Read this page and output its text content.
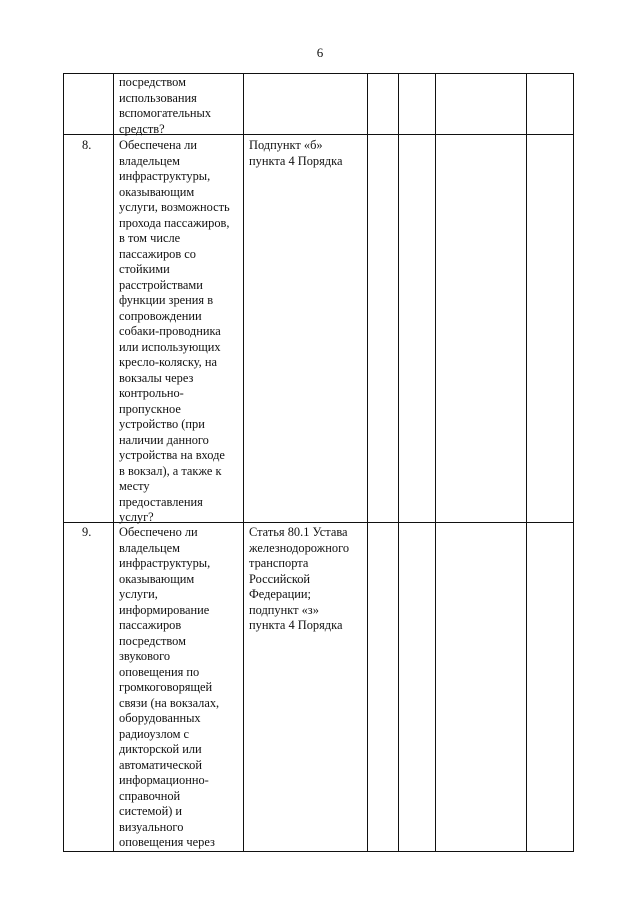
6
посредством
использования
вспомогательных
средств?
8. Обеспечена ли
владельцем
инфраструктуры,
оказывающим
услуги, возможность
прохода пассажиров,
в том числе
пассажиров со
стойкими
расстройствами
функции зрения в
сопровождении
собаки-проводника
или использующих
кресло-коляску, на
вокзалы через
контрольно-
пропускное
устройство (при
наличии данного
устройства на входе
в вокзал), а также к
месту
предоставления
услуг?
Подпункт «б»
пункта 4 Порядка
9. Обеспечено ли
владельцем
инфраструктуры,
оказывающим
услуги,
информирование
пассажиров
посредством
звукового
оповещения по
громкоговорящей
связи (на вокзалах,
оборудованных
радиоузлом с
дикторской или
автоматической
информационно-
справочной
системой) и
визуального
оповещения через
Статья 80.1 Устава
железнодорожного
транспорта
Российской
Федерации;
подпункт «з»
пункта 4 Порядка
